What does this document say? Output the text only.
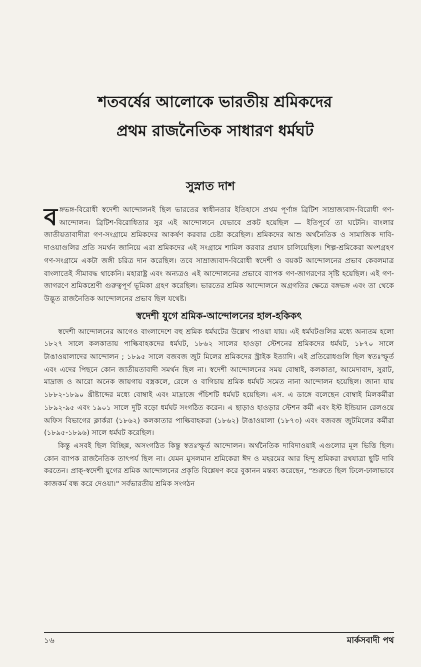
শতবর্ষের আলোকে ভারতীয় শ্রমিকদের
প্রথম রাজনৈতিক সাধারণ ধর্মঘট
সুস্নাত দাশ

বঙ্গভঙ্গ-বিরোধী স্বদেশী আন্দোলনই ছিল ভারতের স্বাধীনতার ইতিহাসে প্রথম পূর্ণাঙ্গ ব্রিটিশ সাম্রাজ্যবাদ-বিরোধী গণ-আন্দোলন। ব্রিটিশ-বিরোধিতার সুর এই আন্দোলনে যেভাবে প্রকট হয়েছিল — ইতিপূর্বে তা ঘটেনি। বাংলার জাতীয়তাবাদীরা গণ-সংগ্রামে শ্রমিকদের আকর্ষণ করবার চেষ্টা করেছিল। শ্রমিকদের আশু অর্থনৈতিক ও সামাজিক দাবি-দাওয়াগুলির প্রতি সমর্থন জানিয়ে এরা শ্রমিকদের এই সংগ্রামে শামিল করবার প্রয়াস চালিয়েছিল। শিল্প-শ্রমিকেরা অংশগ্রহণ গণ-সংগ্রামে একটা জঙ্গী চরিত্র দান করেছিল। তবে সাম্রাজ্যবাদ-বিরোধী স্বদেশী ও বয়কট আন্দোলনের প্রভাব কেবলমাত্র বাংলাতেই সীমাবদ্ধ থাকেনি। মহারাষ্ট্র এবং অন্যত্রও এই আন্দোলনের প্রভাবে ব্যাপক গণ-জাগরণের সৃষ্টি হয়েছিল। এই গণ-জাগরণে শ্রমিকশ্রেণী গুরুত্বপূর্ণ ভূমিকা গ্রহণ করেছিল। ভারতের শ্রমিক আন্দোলনে অগ্রগতির ক্ষেত্রে বঙ্গভঙ্গ এবং তা থেকে উদ্ভূত রাজনৈতিক আন্দোলনের প্রভাব ছিল যথেষ্ট।

স্বদেশী যুগে শ্রমিক-আন্দোলনের হাল-হকিকৎ

স্বদেশী আন্দোলনের আগেও বাংলাদেশে বহু শ্রমিক ধর্মঘটের উল্লেখ পাওয়া যায়। এই ধর্মঘটগুলির মধ্যে অন্যতম হলো ১৮২৭ সালে কলকাতায় পাল্কিবাহকদের ধর্মঘট, ১৮৬২ সালের হাওড়া স্টেশনের শ্রমিকদের ধর্মঘট, ১৮৭০ সালে টাঙাওয়ালাদের আন্দোলন ; ১৮৯৫ সালে বজবজ জুট মিলের শ্রমিকদের স্ট্রাইক ইত্যাদি। এই প্রতিরোধগুলি ছিল স্বতঃস্ফূর্ত এবং এদের পিছনে কোন জাতীয়তাবাদী সমর্থন ছিল না। স্বদেশী আন্দোলনের সময় বোম্বাই, কলকাতা, আমেদাবাদ, সুরাট, মাদ্রাজ ও আরো অনেক জায়গায় বস্ত্রকলে, রেলে ও বাগিচায় শ্রমিক ধর্মঘট সমেত নানা আন্দোলন হয়েছিল। জানা যায় ১৮৮২-১৮৯০ খ্রীষ্টাব্দের মধ্যে বোম্বাই এবং মাদ্রাজে পঁচিশটি ধর্মঘট হয়েছিল। এস. এ ডাঙ্গে বলেছেন বোম্বাই মিলকর্মীরা ১৮৯২-৯৫ এবং ১৯০১ সালে দুটি বড়ো ধর্মঘট সংগঠিত করেন। এ ছাড়াও হাওড়ার স্টেশন কর্মী এবং ইস্ট ইন্ডিয়ান রেলওয়ে অফিস বিভাগের ক্লার্করা (১৮৬২) কলকাতার পাল্কিবাহকরা (১৮৬২) টাঙাওয়ালা (১৮৭৩) এবং বজবজ জুটমিলের কর্মীরা (১৮৯৫-১৮৯৬) সালে ধর্মঘট করেছিল।

কিন্তু এসবই ছিল বিচ্ছিন্ন, অসংগঠিত কিন্তু স্বতঃস্ফূর্ত আন্দোলন। অর্থনৈতিক দাবিদাওয়াই এগুলোর মূল ভিত্তি ছিল। কোন ব্যাপক রাজনৈতিক তাৎপর্য ছিল না। যেমন মুসলমান শ্রমিকেরা ঈদ ও মহরমের আর হিন্দু শ্রমিকরা রথযাত্রা ছুটি দাবি করতেন। প্রাক্-স্বদেশী যুগের শ্রমিক আন্দোলনের প্রকৃতি বিশ্লেষণ করে বুকানন মন্তব্য করেছেন, "শুরুতে ছিল ঢিলে-ঢালাভাবে কাজকর্ম বন্ধ করে দেওয়া।" সর্বভারতীয় শ্রমিক সংগঠন

১৬	মার্কসবাদী পথ
